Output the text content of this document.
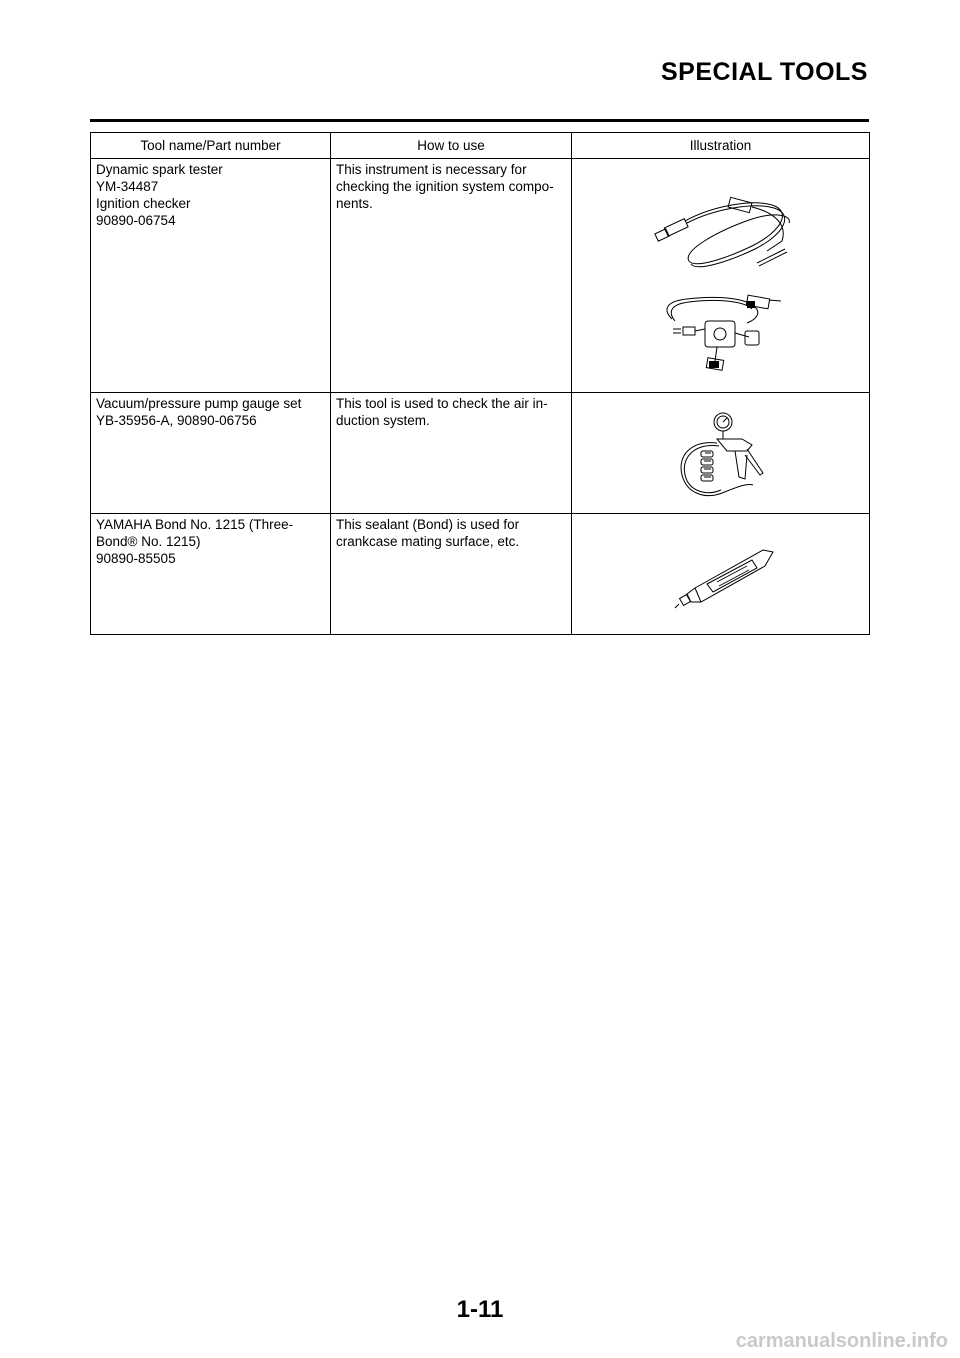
SPECIAL TOOLS
Tool name/Part number	How to use	Illustration

Dynamic spark tester
YM-34487
Ignition checker
90890-06754	This instrument is necessary for
checking the ignition system compo-
nents.

Vacuum/pressure pump gauge set
YB-35956-A, 90890-06756	This tool is used to check the air in-
duction system.

YAMAHA Bond No. 1215 (Three-
Bond® No. 1215)
90890-85505	This sealant (Bond) is used for
crankcase mating surface, etc.

1-11
carmanualsonline.info
